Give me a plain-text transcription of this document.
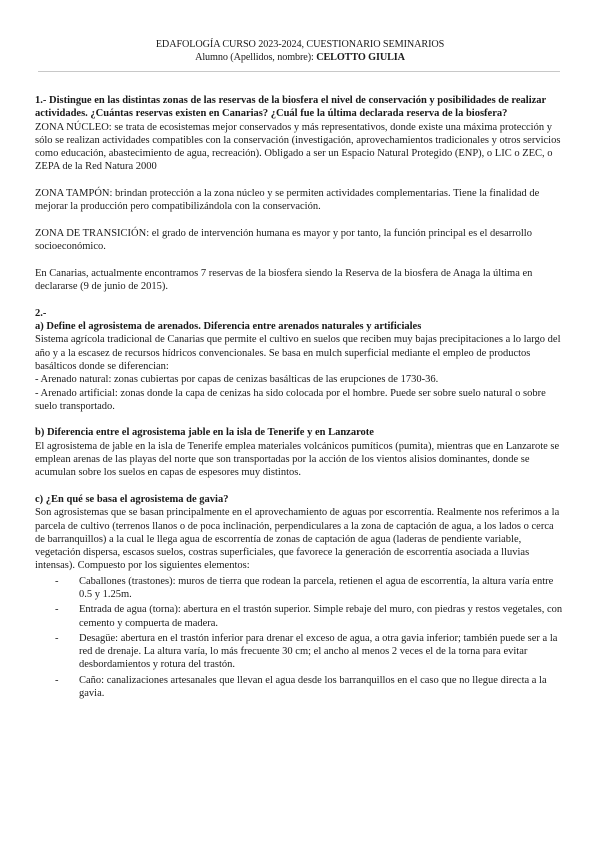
EDAFOLOGÍA CURSO 2023-2024, CUESTIONARIO SEMINARIOS
Alumno (Apellidos, nombre): CELOTTO GIULIA

1.- Distingue en las distintas zonas de las reservas de la biosfera el nivel de conservación y posibilidades de realizar actividades. ¿Cuántas reservas existen en Canarias? ¿Cuál fue la última declarada reserva de la biosfera?

ZONA NÚCLEO: se trata de ecosistemas mejor conservados y más representativos, donde existe una máxima protección y sólo se realizan actividades compatibles con la conservación (investigación, aprovechamientos tradicionales y otros servicios como educación, abastecimiento de agua, recreación). Obligado a ser un Espacio Natural Protegido (ENP), o LIC o ZEC, o ZEPA de la Red Natura 2000

ZONA TAMPÓN: brindan protección a la zona núcleo y se permiten actividades complementarias. Tiene la finalidad de mejorar la producción pero compatibilizándola con la conservación.

ZONA DE TRANSICIÓN: el grado de intervención humana es mayor y por tanto, la función principal es el desarrollo socioeconómico.

En Canarias, actualmente encontramos 7 reservas de la biosfera siendo la Reserva de la biosfera de Anaga la última en declararse (9 de junio de 2015).

2.-

a) Define el agrosistema de arenados. Diferencia entre arenados naturales y artificiales

Sistema agrícola tradicional de Canarias que permite el cultivo en suelos que reciben muy bajas precipitaciones a lo largo del año y a la escasez de recursos hídricos convencionales. Se basa en mulch superficial mediante el empleo de productos basálticos donde se diferencian:

- Arenado natural: zonas cubiertas por capas de cenizas basálticas de las erupciones de 1730-36.

- Arenado artificial: zonas donde la capa de cenizas ha sido colocada por el hombre. Puede ser sobre suelo natural o sobre suelo transportado.

b) Diferencia entre el agrosistema jable en la isla de Tenerife y en Lanzarote

El agrosistema de jable en la isla de Tenerife emplea materiales volcánicos pumíticos (pumita), mientras que en Lanzarote se emplean arenas de las playas del norte que son transportadas por la acción de los vientos alisios dominantes, donde se acumulan sobre los suelos en capas de espesores muy distintos.

c) ¿En qué se basa el agrosistema de gavia?

Son agrosistemas que se basan principalmente en el aprovechamiento de aguas por escorrentía. Realmente nos referimos a la parcela de cultivo (terrenos llanos o de poca inclinación, perpendiculares a la zona de captación de agua, a los lados o cerca de barranquillos) a la cual le llega agua de escorrentía de zonas de captación de agua (laderas de pendiente variable, vegetación dispersa, escasos suelos, costras superficiales, que favorece la generación de escorrentía asociada a lluvias intensas). Compuesto por los siguientes elementos:

- Caballones (trastones): muros de tierra que rodean la parcela, retienen el agua de escorrentía, la altura varía entre 0.5 y 1.25m.
- Entrada de agua (torna): abertura en el trastón superior. Simple rebaje del muro, con piedras y restos vegetales, con cemento y compuerta de madera.
- Desagüe: abertura en el trastón inferior para drenar el exceso de agua, a otra gavia inferior; también puede ser a la red de drenaje. La altura varía, lo más frecuente 30 cm; el ancho al menos 2 veces el de la torna para evitar desbordamientos y rotura del trastón.
- Caño: canalizaciones artesanales que llevan el agua desde los barranquillos en el caso que no llegue directa a la gavia.
